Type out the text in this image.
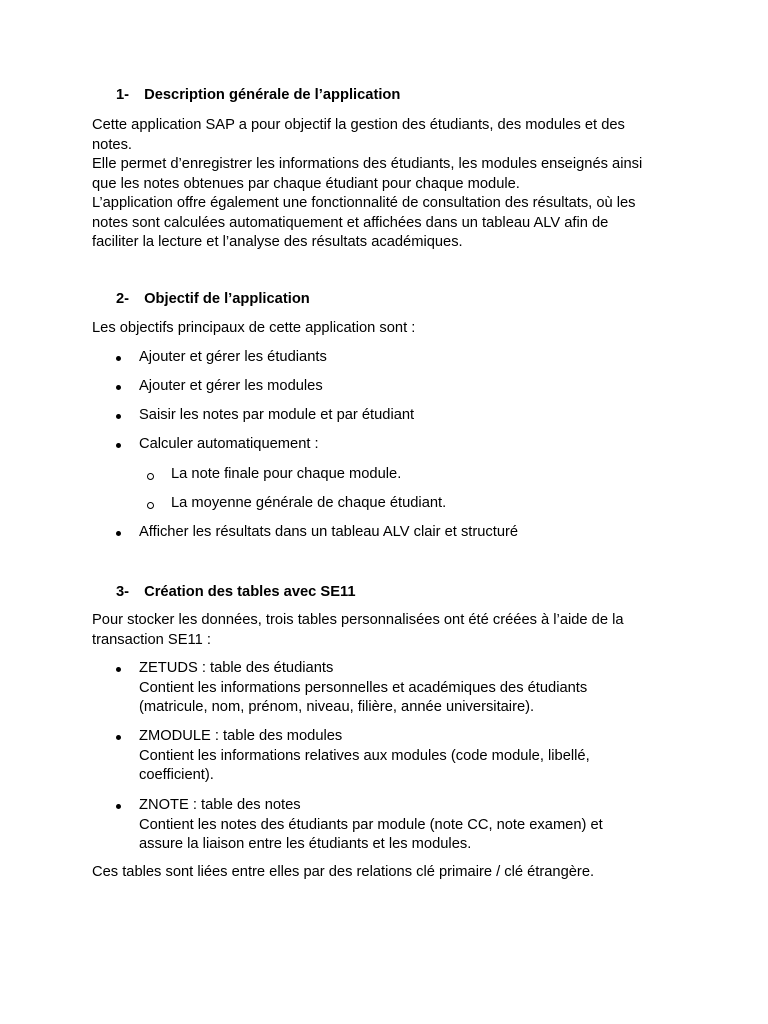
1- Description générale de l’application
Cette application SAP a pour objectif la gestion des étudiants, des modules et des
notes.
Elle permet d’enregistrer les informations des étudiants, les modules enseignés ainsi
que les notes obtenues par chaque étudiant pour chaque module.
L’application offre également une fonctionnalité de consultation des résultats, où les
notes sont calculées automatiquement et affichées dans un tableau ALV afin de
faciliter la lecture et l’analyse des résultats académiques.
2- Objectif de l’application
Les objectifs principaux de cette application sont :
Ajouter et gérer les étudiants
Ajouter et gérer les modules
Saisir les notes par module et par étudiant
Calculer automatiquement :
La note finale pour chaque module.
La moyenne générale de chaque étudiant.
Afficher les résultats dans un tableau ALV clair et structuré
3- Création des tables avec SE11
Pour stocker les données, trois tables personnalisées ont été créées à l’aide de la
transaction SE11 :
ZETUDS : table des étudiants
Contient les informations personnelles et académiques des étudiants
(matricule, nom, prénom, niveau, filière, année universitaire).
ZMODULE : table des modules
Contient les informations relatives aux modules (code module, libellé,
coefficient).
ZNOTE : table des notes
Contient les notes des étudiants par module (note CC, note examen) et
assure la liaison entre les étudiants et les modules.
Ces tables sont liées entre elles par des relations clé primaire / clé étrangère.
